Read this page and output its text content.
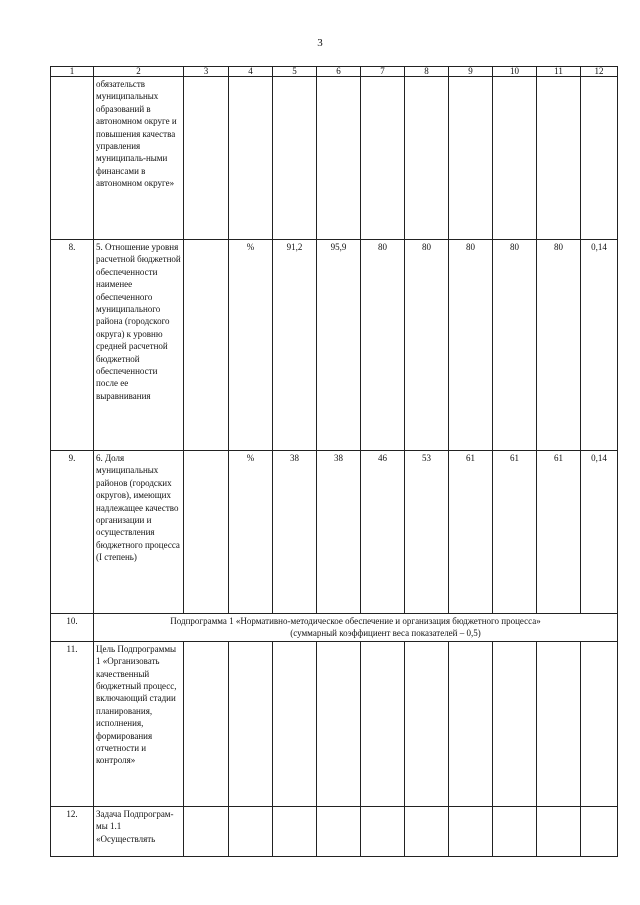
3
1	2	3	4	5	6	7	8	9	10	11	12
	обязательств муниципальных образований в автономном округе и повышения качества управления муниципаль-ными финансами в автономном округе»										
8.	5. Отношение уровня расчетной бюджетной обеспеченности наименее обеспеченного муниципального района (городского округа) к уровню средней расчетной бюджетной обеспеченности после ее выравнивания		%	91,2	95,9	80	80	80	80	80	0,14
9.	6. Доля муниципальных районов (городских округов), имеющих надлежащее качество организации и осуществления бюджетного процесса (I степень)		%	38	38	46	53	61	61	61	0,14
10.	Подпрограмма 1 «Нормативно-методическое обеспечение и организация бюджетного процесса»
(суммарный коэффициент веса показателей – 0,5)										

11.	Цель Подпрограммы 1 «Организовать качественный бюджетный процесс, включающий стадии планирования, исполнения, формирования отчетности и контроля»										
12.	Задача Подпрограм-мы 1.1 «Осуществлять										
